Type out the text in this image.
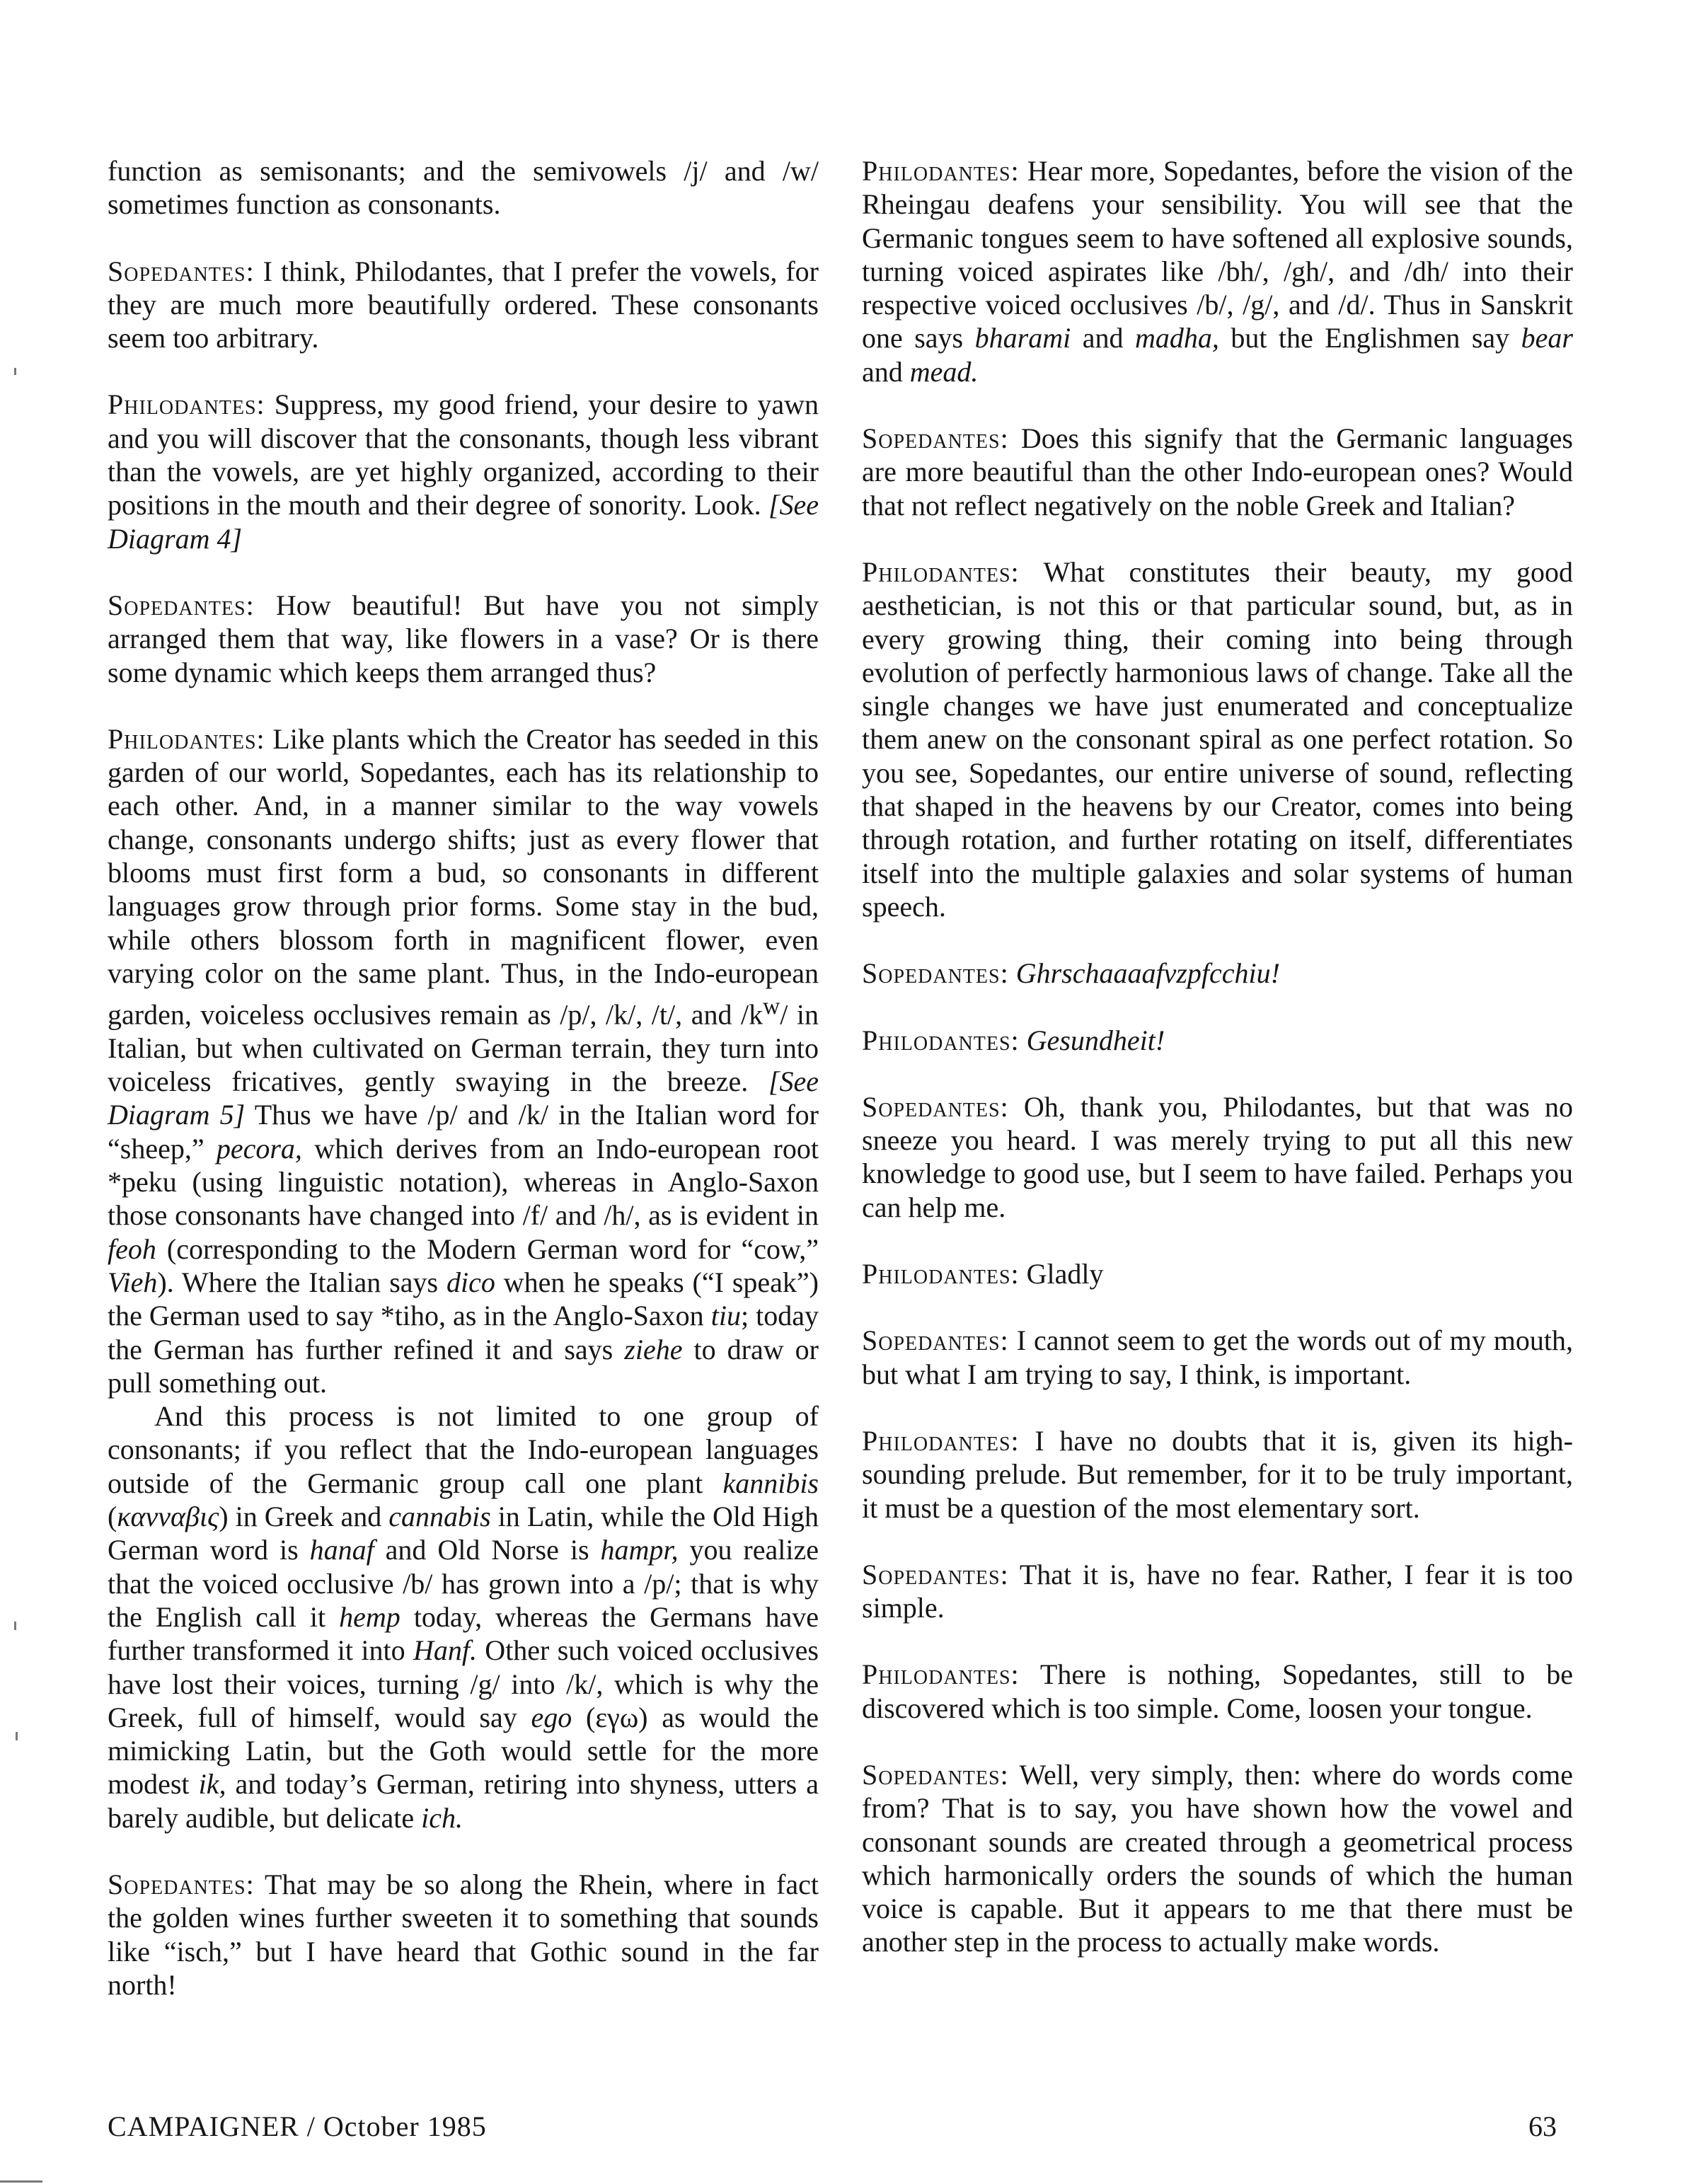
function as semisonants; and the semivowels /j/ and /w/ sometimes function as consonants.

Sopedantes: I think, Philodantes, that I prefer the vowels, for they are much more beautifully ordered. These consonants seem too arbitrary.

Philodantes: Suppress, my good friend, your desire to yawn and you will discover that the consonants, though less vibrant than the vowels, are yet highly organized, according to their positions in the mouth and their degree of sonority. Look. [See Diagram 4]

Sopedantes: How beautiful! But have you not simply arranged them that way, like flowers in a vase? Or is there some dynamic which keeps them arranged thus?

Philodantes: Like plants which the Creator has seeded in this garden of our world, Sopedantes, each has its relationship to each other. And, in a manner similar to the way vowels change, consonants undergo shifts; just as every flower that blooms must first form a bud, so consonants in different languages grow through prior forms. Some stay in the bud, while others blossom forth in magnificent flower, even varying color on the same plant. Thus, in the Indo-european garden, voiceless occlusives remain as /p/, /k/, /t/, and $/k^w/$ in Italian, but when cultivated on German terrain, they turn into voiceless fricatives, gently swaying in the breeze. [See Diagram 5] Thus we have /p/ and /k/ in the Italian word for “sheep,” pecora, which derives from an Indo-european root *peku (using linguistic notation), whereas in Anglo-Saxon those consonants have changed into /f/ and /h/, as is evident in feoh (corresponding to the Modern German word for “cow,” Vieh). Where the Italian says dico when he speaks (“I speak”) the German used to say *tiho, as in the Anglo-Saxon tiu; today the German has further refined it and says ziehe to draw or pull something out.

And this process is not limited to one group of consonants; if you reflect that the Indo-european languages outside of the Germanic group call one plant kannibis (κανναβις) in Greek and cannabis in Latin, while the Old High German word is hanaf and Old Norse is hampr, you realize that the voiced occlusive /b/ has grown into a /p/; that is why the English call it hemp today, whereas the Germans have further transformed it into Hanf. Other such voiced occlusives have lost their voices, turning /g/ into /k/, which is why the Greek, full of himself, would say ego (εγω) as would the mimicking Latin, but the Goth would settle for the more modest ik, and today’s German, retiring into shyness, utters a barely audible, but delicate ich.

Sopedantes: That may be so along the Rhein, where in fact the golden wines further sweeten it to something that sounds like “isch,” but I have heard that Gothic sound in the far north!

Philodantes: Hear more, Sopedantes, before the vision of the Rheingau deafens your sensibility. You will see that the Germanic tongues seem to have softened all explosive sounds, turning voiced aspirates like /bh/, /gh/, and /dh/ into their respective voiced occlusives /b/, /g/, and /d/. Thus in Sanskrit one says bharami and madha, but the Englishmen say bear and mead.

Sopedantes: Does this signify that the Germanic languages are more beautiful than the other Indo-european ones? Would that not reflect negatively on the noble Greek and Italian?

Philodantes: What constitutes their beauty, my good aesthetician, is not this or that particular sound, but, as in every growing thing, their coming into being through evolution of perfectly harmonious laws of change. Take all the single changes we have just enumerated and conceptualize them anew on the consonant spiral as one perfect rotation. So you see, Sopedantes, our entire universe of sound, reflecting that shaped in the heavens by our Creator, comes into being through rotation, and further rotating on itself, differentiates itself into the multiple galaxies and solar systems of human speech.

Sopedantes: Ghrschaaaafvzpfcchiu!

Philodantes: Gesundheit!

Sopedantes: Oh, thank you, Philodantes, but that was no sneeze you heard. I was merely trying to put all this new knowledge to good use, but I seem to have failed. Perhaps you can help me.

Philodantes: Gladly

Sopedantes: I cannot seem to get the words out of my mouth, but what I am trying to say, I think, is important.

Philodantes: I have no doubts that it is, given its high-sounding prelude. But remember, for it to be truly important, it must be a question of the most elementary sort.

Sopedantes: That it is, have no fear. Rather, I fear it is too simple.

Philodantes: There is nothing, Sopedantes, still to be discovered which is too simple. Come, loosen your tongue.

Sopedantes: Well, very simply, then: where do words come from? That is to say, you have shown how the vowel and consonant sounds are created through a geometrical process which harmonically orders the sounds of which the human voice is capable. But it appears to me that there must be another step in the process to actually make words.

CAMPAIGNER / October 1985	63
